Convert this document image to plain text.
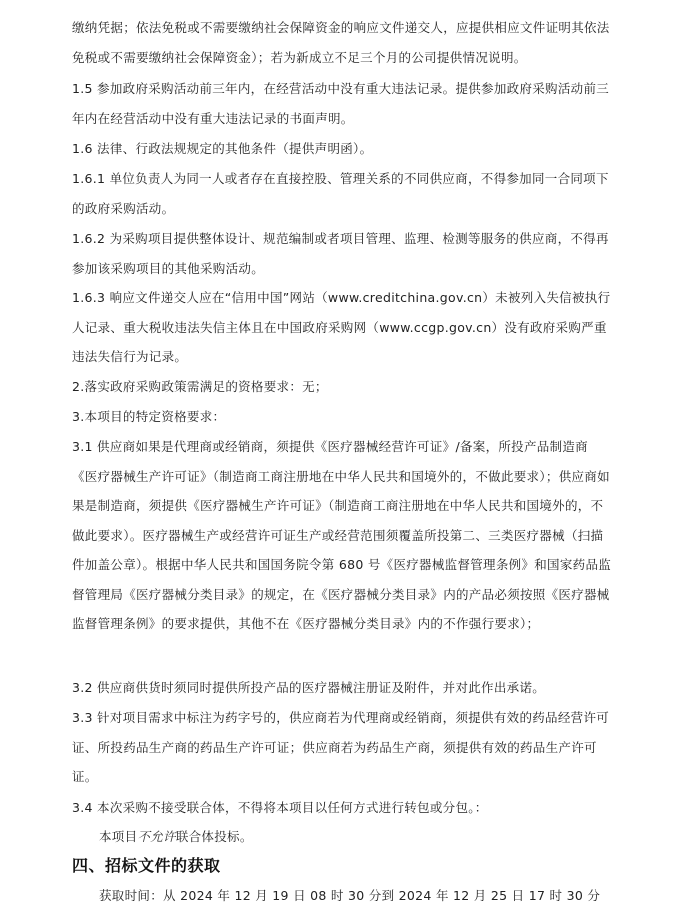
缴纳凭据；依法免税或不需要缴纳社会保障资金的响应文件递交人，应提供相应文件证明其依法免税或不需要缴纳社会保障资金）；若为新成立不足三个月的公司提供情况说明。

1.5 参加政府采购活动前三年内，在经营活动中没有重大违法记录。提供参加政府采购活动前三年内在经营活动中没有重大违法记录的书面声明。

1.6 法律、行政法规规定的其他条件（提供声明函）。

1.6.1 单位负责人为同一人或者存在直接控股、管理关系的不同供应商，不得参加同一合同项下的政府采购活动。

1.6.2 为采购项目提供整体设计、规范编制或者项目管理、监理、检测等服务的供应商，不得再参加该采购项目的其他采购活动。

1.6.3 响应文件递交人应在“信用中国”网站（www.creditchina.gov.cn）未被列入失信被执行人记录、重大税收违法失信主体且在中国政府采购网（www.ccgp.gov.cn）没有政府采购严重违法失信行为记录。

2.落实政府采购政策需满足的资格要求：无；

3.本项目的特定资格要求：

3.1 供应商如果是代理商或经销商，须提供《医疗器械经营许可证》/备案，所投产品制造商《医疗器械生产许可证》（制造商工商注册地在中华人民共和国境外的，不做此要求）；供应商如果是制造商，须提供《医疗器械生产许可证》（制造商工商注册地在中华人民共和国境外的，不做此要求）。医疗器械生产或经营许可证生产或经营范围须覆盖所投第二、三类医疗器械（扫描件加盖公章）。根据中华人民共和国国务院令第 680 号《医疗器械监督管理条例》和国家药品监督管理局《医疗器械分类目录》的规定，在《医疗器械分类目录》内的产品必须按照《医疗器械监督管理条例》的要求提供，其他不在《医疗器械分类目录》内的不作强行要求）；

3.2 供应商供货时须同时提供所投产品的医疗器械注册证及附件，并对此作出承诺。

3.3 针对项目需求中标注为药字号的，供应商若为代理商或经销商，须提供有效的药品经营许可证、所投药品生产商的药品生产许可证；供应商若为药品生产商，须提供有效的药品生产许可证。

3.4 本次采购不接受联合体，不得将本项目以任何方式进行转包或分包。：

本项目不允许联合体投标。

四、招标文件的获取

获取时间：从 2024 年 12 月 19 日 08 时 30 分到 2024 年 12 月 25 日 17 时 30 分
